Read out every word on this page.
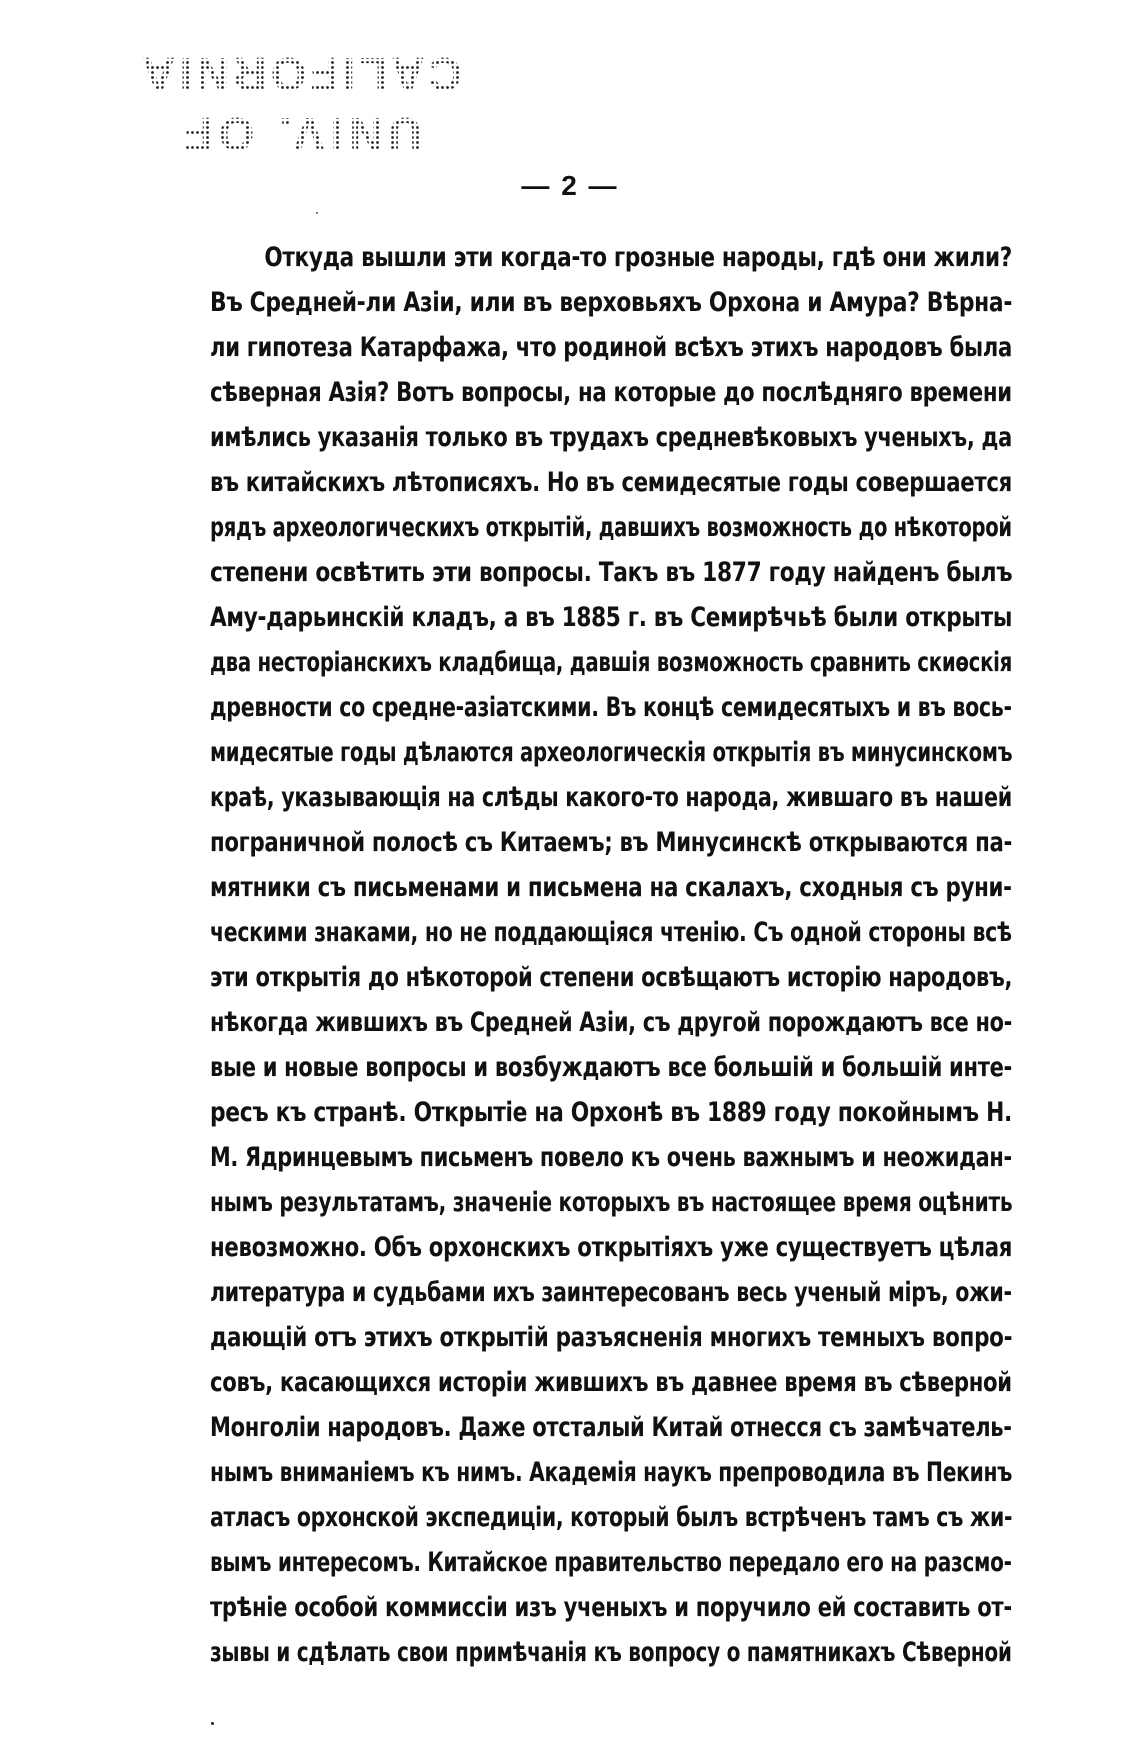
UNIV. OF
CALIFORNIA
— 2 —
Откуда вышли эти когда-то грозные народы, гдѣ они жили?
Въ Средней-ли Азіи, или въ верховьяхъ Орхона и Амура? Вѣрна-
ли гипотеза Катарфажа, что родиной всѣхъ этихъ народовъ была
сѣверная Азія? Вотъ вопросы, на которые до послѣдняго времени
имѣлись указанія только въ трудахъ средневѣковыхъ ученыхъ, да
въ китайскихъ лѣтописяхъ. Но въ семидесятые годы совершается
рядъ археологическихъ открытій, давшихъ возможность до нѣкоторой
степени освѣтить эти вопросы. Такъ въ 1877 году найденъ былъ
Аму-дарьинскій кладъ, а въ 1885 г. въ Семирѣчьѣ были открыты
два несторіанскихъ кладбища, давшія возможность сравнить скиѳскія
древности со средне-азіатскими. Въ концѣ семидесятыхъ и въ вось-
мидесятые годы дѣлаются археологическія открытія въ минусинскомъ
краѣ, указывающія на слѣды какого-то народа, жившаго въ нашей
пограничной полосѣ съ Китаемъ; въ Минусинскѣ открываются па-
мятники съ письменами и письмена на скалахъ, сходныя съ руни-
ческими знаками, но не поддающіяся чтенію. Съ одной стороны всѣ
эти открытія до нѣкоторой степени освѣщаютъ исторію народовъ,
нѣкогда жившихъ въ Средней Азіи, съ другой порождаютъ все но-
вые и новые вопросы и возбуждаютъ все большій и большій инте-
ресъ къ странѣ. Открытіе на Орхонѣ въ 1889 году покойнымъ Н.
М. Ядринцевымъ письменъ повело къ очень важнымъ и неожидан-
нымъ результатамъ, значеніе которыхъ въ настоящее время оцѣнить
невозможно. Объ орхонскихъ открытіяхъ уже существуетъ цѣлая
литература и судьбами ихъ заинтересованъ весь ученый міръ, ожи-
дающій отъ этихъ открытій разъясненія многихъ темныхъ вопро-
совъ, касающихся исторіи жившихъ въ давнее время въ сѣверной
Монголіи народовъ. Даже отсталый Китай отнесся съ замѣчатель-
нымъ вниманіемъ къ нимъ. Академія наукъ препроводила въ Пекинъ
атласъ орхонской экспедиціи, который былъ встрѣченъ тамъ съ жи-
вымъ интересомъ. Китайское правительство передало его на разсмо-
трѣніе особой коммиссіи изъ ученыхъ и поручило ей составить от-
зывы и сдѣлать свои примѣчанія къ вопросу о памятникахъ Сѣверной
